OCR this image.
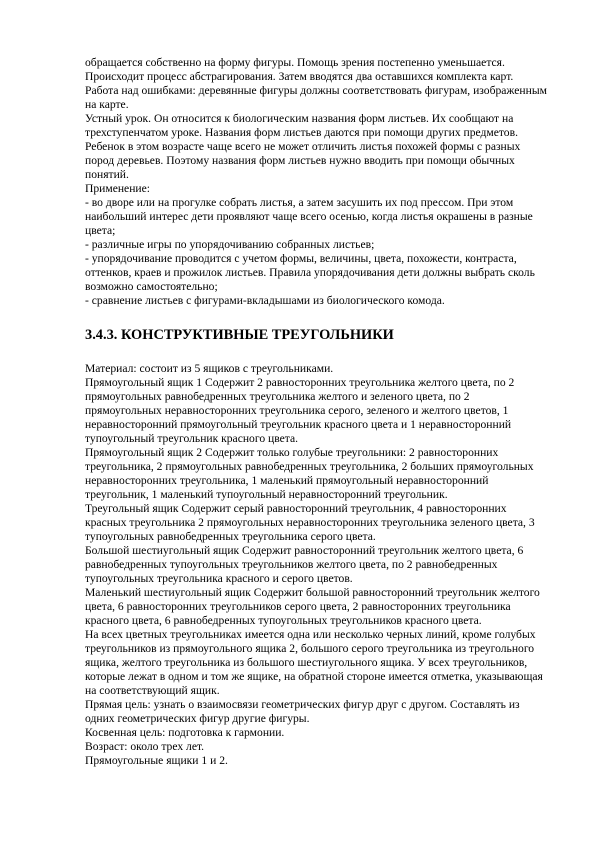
обращается собственно на форму фигуры. Помощь зрения постепенно уменьшается.

Происходит процесс абстрагирования. Затем вводятся два оставшихся комплекта карт.

Работа над ошибками: деревянные фигуры должны соответствовать фигурам, изображенным на карте.

Устный урок. Он относится к биологическим названия форм листьев. Их сообщают на трехступенчатом уроке. Названия форм листьев даются при помощи других предметов. Ребенок в этом возрасте чаще всего не может отличить листья похожей формы с разных пород деревьев. Поэтому названия форм листьев нужно вводить при помощи обычных понятий.

Применение:

- во дворе или на прогулке собрать листья, а затем засушить их под прессом. При этом наибольший интерес дети проявляют чаще всего осенью, когда листья окрашены в разные цвета;

- различные игры по упорядочиванию собранных листьев;

- упорядочивание проводится с учетом формы, величины, цвета, похожести, контраста, оттенков, краев и прожилок листьев. Правила упорядочивания дети должны выбрать сколь возможно самостоятельно;

- сравнение листьев с фигурами-вкладышами из биологического комода.

3.4.3. КОНСТРУКТИВНЫЕ ТРЕУГОЛЬНИКИ

Материал: состоит из 5 ящиков с треугольниками.

Прямоугольный ящик 1 Содержит 2 равносторонних треугольника желтого цвета, по 2 прямоугольных равнобедренных треугольника желтого и зеленого цвета, по 2 прямоугольных неравносторонних треугольника серого, зеленого и желтого цветов, 1 неравносторонний прямоугольный треугольник красного цвета и 1 неравносторонний тупоугольный треугольник красного цвета.

Прямоугольный ящик 2 Содержит только голубые треугольники: 2 равносторонних треугольника, 2 прямоугольных равнобедренных треугольника, 2 больших прямоугольных неравносторонних треугольника, 1 маленький прямоугольный неравносторонний треугольник, 1 маленький тупоугольный неравносторонний треугольник.

Треугольный ящик Содержит серый равносторонний треугольник, 4 равносторонних красных треугольника 2 прямоугольных неравносторонних треугольника зеленого цвета, 3 тупоугольных равнобедренных треугольника серого цвета.

Большой шестиугольный ящик Содержит равносторонний треугольник желтого цвета, 6 равнобедренных тупоугольных треугольников желтого цвета, по 2 равнобедренных тупоугольных треугольника красного и серого цветов.

Маленький шестиугольный ящик Содержит большой равносторонний треугольник желтого цвета, 6 равносторонних треугольников серого цвета, 2 равносторонних треугольника красного цвета, 6 равнобедренных тупоугольных треугольников красного цвета.

На всех цветных треугольниках имеется одна или несколько черных линий, кроме голубых треугольников из прямоугольного ящика 2, большого серого треугольника из треугольного ящика, желтого треугольника из большого шестиугольного ящика. У всех треугольников, которые лежат в одном и том же ящике, на обратной стороне имеется отметка, указывающая на соответствующий ящик.

Прямая цель: узнать о взаимосвязи геометрических фигур друг с другом. Составлять из одних геометрических фигур другие фигуры.

Косвенная цель: подготовка к гармонии.

Возраст: около трех лет.

Прямоугольные ящики 1 и 2.
